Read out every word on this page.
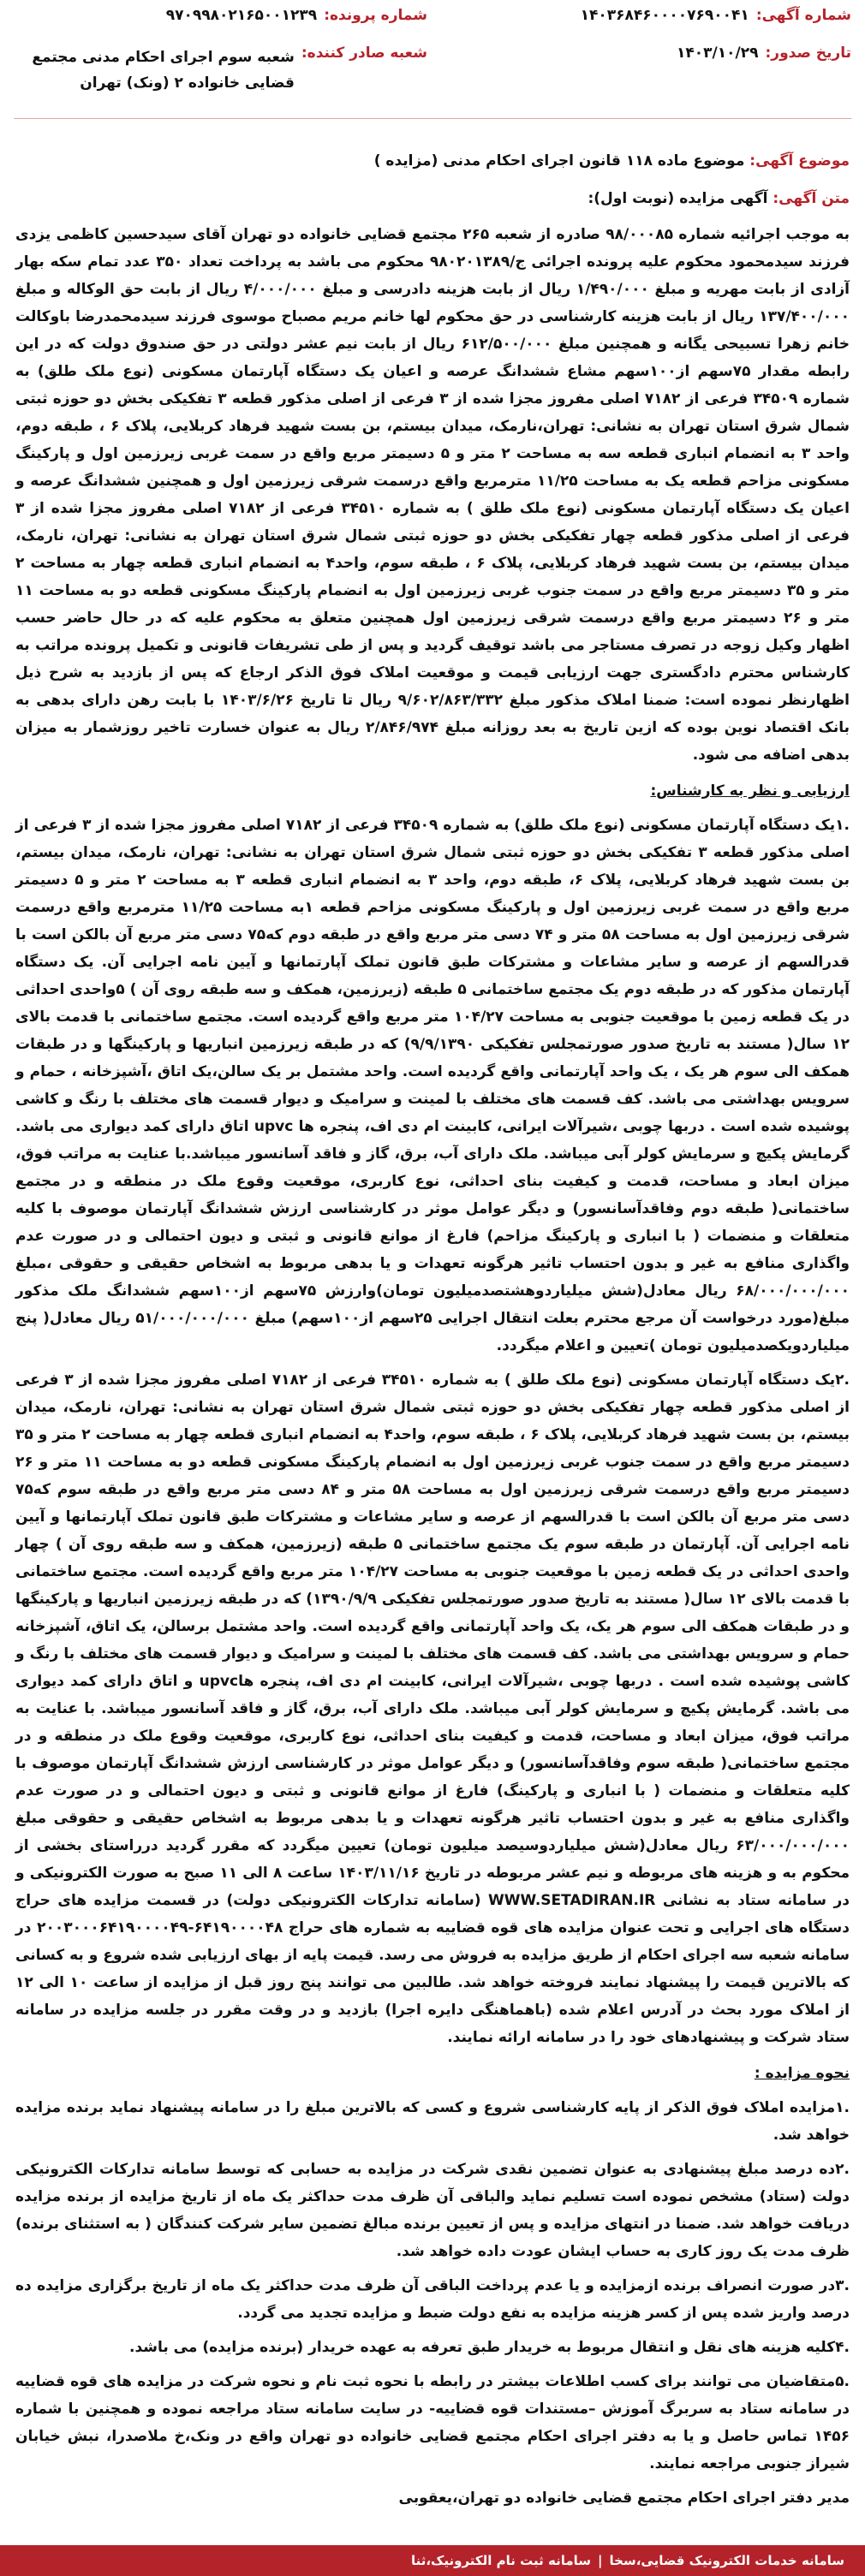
شماره آگهی:
۱۴۰۳۶۸۴۶۰۰۰۰۷۶۹۰۰۴۱
شماره پرونده:
۹۷۰۹۹۸۰۲۱۶۵۰۰۱۲۳۹
تاریخ صدور:
۱۴۰۳/۱۰/۲۹
شعبه صادر کننده:
شعبه سوم اجرای احکام مدنی مجتمع قضایی خانواده ۲ (ونک) تهران
موضوع آگهی: موضوع ماده ۱۱۸ قانون اجرای احکام مدنی (مزایده )
متن آگهی: آگهی مزایده (نوبت اول):

به موجب اجرائیه شماره ۹۸/۰۰۰۸۵ صادره از شعبه ۲۶۵ مجتمع قضایی خانواده دو تهران آقای سیدحسین کاظمی یزدی فرزند سیدمحمود محکوم علیه پرونده اجرائی ج/۹۸۰۲۰۱۳۸۹ محکوم می باشد به پرداخت تعداد ۳۵۰ عدد تمام سکه بهار آزادی از بابت مهریه و مبلغ ۱/۴۹۰/۰۰۰ ریال از بابت هزینه دادرسی و مبلغ ۴/۰۰۰/۰۰۰ ریال از بابت حق الوکاله و مبلغ ۱۳۷/۴۰۰/۰۰۰ ریال از بابت هزینه کارشناسی در حق محکوم لها خانم مریم مصباح موسوی فرزند سیدمحمدرضا باوکالت خانم زهرا تسبیحی یگانه و همچنین مبلغ ۶۱۲/۵۰۰/۰۰۰ ریال از بابت نیم عشر دولتی در حق صندوق دولت که در این رابطه مقدار ۷۵سهم از۱۰۰سهم مشاع ششدانگ عرصه و اعیان یک دستگاه آپارتمان مسکونی (نوع ملک طلق) به شماره ۳۴۵۰۹ فرعی از ۷۱۸۲ اصلی مفروز مجزا شده از ۳ فرعی از اصلی مذکور قطعه ۳ تفکیکی بخش دو حوزه ثبتی شمال شرق استان تهران به نشانی: تهران،نارمک، میدان بیستم، بن بست شهید فرهاد کربلایی، پلاک ۶ ، طبقه دوم، واحد ۳ به انضمام انباری قطعه سه به مساحت ۲ متر و ۵ دسیمتر مربع واقع در سمت غربی زیرزمین اول و پارکینگ مسکونی مزاحم قطعه یک به مساحت ۱۱/۲۵ مترمربع واقع درسمت شرقی زیرزمین اول و همچنین ششدانگ عرصه و اعیان یک دستگاه آپارتمان مسکونی (نوع ملک طلق ) به شماره ۳۴۵۱۰ فرعی از ۷۱۸۲ اصلی مفروز مجزا شده از ۳ فرعی از اصلی مذکور قطعه چهار تفکیکی بخش دو حوزه ثبتی شمال شرق استان تهران به نشانی: تهران، نارمک، میدان بیستم، بن بست شهید فرهاد کربلایی، پلاک ۶ ، طبقه سوم، واحد۴ به انضمام انباری قطعه چهار به مساحت ۲ متر و ۳۵ دسیمتر مربع واقع در سمت جنوب غربی زیرزمین اول به انضمام پارکینگ مسکونی قطعه دو به مساحت ۱۱ متر و ۲۶ دسیمتر مربع واقع درسمت شرقی زیرزمین اول همچنین متعلق به محکوم علیه که در حال حاضر حسب اظهار وکیل زوجه در تصرف مستاجر می باشد توقیف گردید و پس از طی تشریفات قانونی و تکمیل پرونده مراتب به کارشناس محترم دادگستری جهت ارزیابی قیمت و موقعیت املاک فوق الذکر ارجاع که پس از بازدید به شرح ذیل اظهارنظر نموده است: ضمنا املاک مذکور مبلغ ۹/۶۰۲/۸۶۳/۳۳۲ ریال تا تاریخ ۱۴۰۳/۶/۲۶ با بابت رهن دارای بدهی به بانک اقتصاد نوین بوده که ازین تاریخ به بعد روزانه مبلغ ۲/۸۴۶/۹۷۴ ریال به عنوان خسارت تاخیر روزشمار به میزان بدهی اضافه می شود.

ارزیابی و نظر به کارشناس:

.۱یک دستگاه آپارتمان مسکونی (نوع ملک طلق) به شماره ۳۴۵۰۹ فرعی از ۷۱۸۲ اصلی مفروز مجزا شده از ۳ فرعی از اصلی مذکور قطعه ۳ تفکیکی بخش دو حوزه ثبتی شمال شرق استان تهران به نشانی: تهران، نارمک، میدان بیستم، بن بست شهید فرهاد کربلایی، پلاک ۶، طبقه دوم، واحد ۳ به انضمام انباری قطعه ۳ به مساحت ۲ متر و ۵ دسیمتر مربع واقع در سمت غربی زیرزمین اول و پارکینگ مسکونی مزاحم قطعه ۱به مساحت ۱۱/۲۵ مترمربع واقع درسمت شرقی زیرزمین اول به مساحت ۵۸ متر و ۷۴ دسی متر مربع واقع در طبقه دوم که۷۵ دسی متر مربع آن بالکن است با قدرالسهم از عرصه و سایر مشاعات و مشترکات طبق قانون تملک آپارتمانها و آیین نامه اجرایی آن. یک دستگاه آپارتمان مذکور که در طبقه دوم یک مجتمع ساختمانی ۵ طبقه (زیرزمین، همکف و سه طبقه روی آن ) ۵واحدی احداثی در یک قطعه زمین با موقعیت جنوبی به مساحت ۱۰۴/۲۷ متر مربع واقع گردیده است. مجتمع ساختمانی با قدمت بالای ۱۲ سال( مستند به تاریخ صدور صورتمجلس تفکیکی ۹/۹/۱۳۹۰) که در طبقه زیرزمین انباریها و پارکینگها و در طبقات همکف الی سوم هر یک ، یک واحد آپارتمانی واقع گردیده است. واحد مشتمل بر یک سالن،یک اتاق ،آشپزخانه ، حمام و سرویس بهداشتی می باشد. کف قسمت های مختلف با لمینت و سرامیک و دیوار قسمت های مختلف با رنگ و کاشی پوشیده شده است . دربها چوبی ،شیرآلات ایرانی، کابینت ام دی اف، پنجره ها upvc اتاق دارای کمد دیواری می باشد. گرمایش پکیچ و سرمایش کولر آبی میباشد. ملک دارای آب، برق، گاز و فاقد آسانسور میباشد.با عنایت به مراتب فوق، میزان ابعاد و مساحت، قدمت و کیفیت بنای احداثی، نوع کاربری، موقعیت وقوع ملک در منطقه و در مجتمع ساختمانی( طبقه دوم وفاقدآسانسور) و دیگر عوامل موثر در کارشناسی ارزش ششدانگ آپارتمان موصوف با کلیه متعلقات و منضمات ( با انباری و پارکینگ مزاحم) فارغ از موانع قانونی و ثبتی و دیون احتمالی و در صورت عدم واگذاری منافع به غیر و بدون احتساب تاثیر هرگونه تعهدات و یا بدهی مربوط به اشخاص حقیقی و حقوقی ،مبلغ ۶۸/۰۰۰/۰۰۰/۰۰۰ ریال معادل(شش میلیاردوهشتصدمیلیون تومان)وارزش ۷۵سهم از۱۰۰سهم ششدانگ ملک مذکور مبلغ(مورد درخواست آن مرجع محترم بعلت انتقال اجرایی ۲۵سهم از۱۰۰سهم) مبلغ ۵۱/۰۰۰/۰۰۰/۰۰۰ ریال معادل( پنج میلیاردویکصدمیلیون تومان )تعیین و اعلام میگردد.

.۲یک دستگاه آپارتمان مسکونی (نوع ملک طلق ) به شماره ۳۴۵۱۰ فرعی از ۷۱۸۲ اصلی مفروز مجزا شده از ۳ فرعی از اصلی مذکور قطعه چهار تفکیکی بخش دو حوزه ثبتی شمال شرق استان تهران به نشانی: تهران، نارمک، میدان بیستم، بن بست شهید فرهاد کربلایی، پلاک ۶ ، طبقه سوم، واحد۴ به انضمام انباری قطعه چهار به مساحت ۲ متر و ۳۵ دسیمتر مربع واقع در سمت جنوب غربی زیرزمین اول به انضمام پارکینگ مسکونی قطعه دو به مساحت ۱۱ متر و ۲۶ دسیمتر مربع واقع درسمت شرقی زیرزمین اول به مساحت ۵۸ متر و ۸۴ دسی متر مربع واقع در طبقه سوم که۷۵ دسی متر مربع آن بالکن است با قدرالسهم از عرصه و سایر مشاعات و مشترکات طبق قانون تملک آپارتمانها و آیین نامه اجرایی آن. آپارتمان در طبقه سوم یک مجتمع ساختمانی ۵ طبقه (زیرزمین، همکف و سه طبقه روی آن ) چهار واحدی احداثی در یک قطعه زمین با موقعیت جنوبی به مساحت ۱۰۴/۲۷ متر مربع واقع گردیده است. مجتمع ساختمانی با قدمت بالای ۱۲ سال( مستند به تاریخ صدور صورتمجلس تفکیکی ۱۳۹۰/۹/۹) که در طبقه زیرزمین انباریها و پارکینگها و در طبقات همکف الی سوم هر یک، یک واحد آپارتمانی واقع گردیده است. واحد مشتمل برسالن، یک اتاق، آشپزخانه حمام و سرویس بهداشتی می باشد. کف قسمت های مختلف با لمینت و سرامیک و دیوار قسمت های مختلف با رنگ و کاشی پوشیده شده است . دربها چوبی ،شیرآلات ایرانی، کابینت ام دی اف، پنجره هاupvc و اتاق دارای کمد دیواری می باشد. گرمایش پکیچ و سرمایش کولر آبی میباشد. ملک دارای آب، برق، گاز و فاقد آسانسور میباشد. با عنایت به مراتب فوق، میزان ابعاد و مساحت، قدمت و کیفیت بنای احداثی، نوع کاربری، موقعیت وقوع ملک در منطقه و در مجتمع ساختمانی( طبقه سوم وفاقدآسانسور) و دیگر عوامل موثر در کارشناسی ارزش ششدانگ آپارتمان موصوف با کلیه متعلقات و منضمات ( با انباری و پارکینگ) فارغ از موانع قانونی و ثبتی و دیون احتمالی و در صورت عدم واگذاری منافع به غیر و بدون احتساب تاثیر هرگونه تعهدات و یا بدهی مربوط به اشخاص حقیقی و حقوقی مبلغ ۶۳/۰۰۰/۰۰۰/۰۰۰ ریال معادل(شش میلیاردوسیصد میلیون تومان) تعیین میگردد که مقرر گردید درراستای بخشی از محکوم به و هزینه های مربوطه و نیم عشر مربوطه در تاریخ ۱۴۰۳/۱۱/۱۶ ساعت ۸ الی ۱۱ صبح به صورت الکترونیکی و در سامانه ستاد به نشانی WWW.SETADIRAN.IR (سامانه تدارکات الکترونیکی دولت) در قسمت مزایده های حراج دستگاه های اجرایی و تحت عنوان مزایده های قوه قضاییه به شماره های حراج ۶۴۱۹۰۰۰۰۴۸-۲۰۰۳۰۰۰۶۴۱۹۰۰۰۰۴۹ در سامانه شعبه سه اجرای احکام از طریق مزایده به فروش می رسد. قیمت پایه از بهای ارزیابی شده شروع و به کسانی که بالاترین قیمت را پیشنهاد نمایند فروخته خواهد شد. طالبین می توانند پنج روز قبل از مزایده از ساعت ۱۰ الی ۱۲ از املاک مورد بحث در آدرس اعلام شده (باهماهنگی دایره اجرا) بازدید و در وقت مقرر در جلسه مزایده در سامانه ستاد شرکت و پیشنهادهای خود را در سامانه ارائه نمایند.

نحوه مزایده :

.۱مزایده املاک فوق الذکر از پایه کارشناسی شروع و کسی که بالاترین مبلغ را در سامانه پیشنهاد نماید برنده مزایده خواهد شد.

.۲ده درصد مبلغ پیشنهادی به عنوان تضمین نقدی شرکت در مزایده به حسابی که توسط سامانه تدارکات الکترونیکی دولت (ستاد) مشخص نموده است تسلیم نماید والباقی آن ظرف مدت حداکثر یک ماه از تاریخ مزایده از برنده مزایده دریافت خواهد شد. ضمنا در انتهای مزایده و پس از تعیین برنده مبالغ تضمین سایر شرکت کنندگان ( به استثنای برنده) ظرف مدت یک روز کاری به حساب ایشان عودت داده خواهد شد.

.۳در صورت انصراف برنده ازمزایده و یا عدم پرداخت الباقی آن ظرف مدت حداکثر یک ماه از تاریخ برگزاری مزایده ده درصد واریز شده پس از کسر هزینه مزایده به نفع دولت ضبط و مزایده تجدید می گردد.

.۴کلیه هزینه های نقل و انتقال مربوط به خریدار طبق تعرفه به عهده خریدار (برنده مزایده) می باشد.

.۵متقاضیان می توانند برای کسب اطلاعات بیشتر در رابطه با نحوه ثبت نام و نحوه شرکت در مزایده های قوه قضاییه در سامانه ستاد به سربرگ آموزش –مستندات قوه قضاییه- در سایت سامانه ستاد مراجعه نموده و همچنین با شماره ۱۴۵۶ تماس حاصل و یا به دفتر اجرای احکام مجتمع قضایی خانواده دو تهران واقع در ونک،خ ملاصدرا، نبش خیابان شیراز جنوبی مراجعه نمایند.

مدیر دفتر اجرای احکام مجتمع قضایی خانواده دو تهران،یعقوبی

سامانه خدمات الکترونیک قضایی،سخا
|
سامانه ثبت نام الکترونیک،ثنا
